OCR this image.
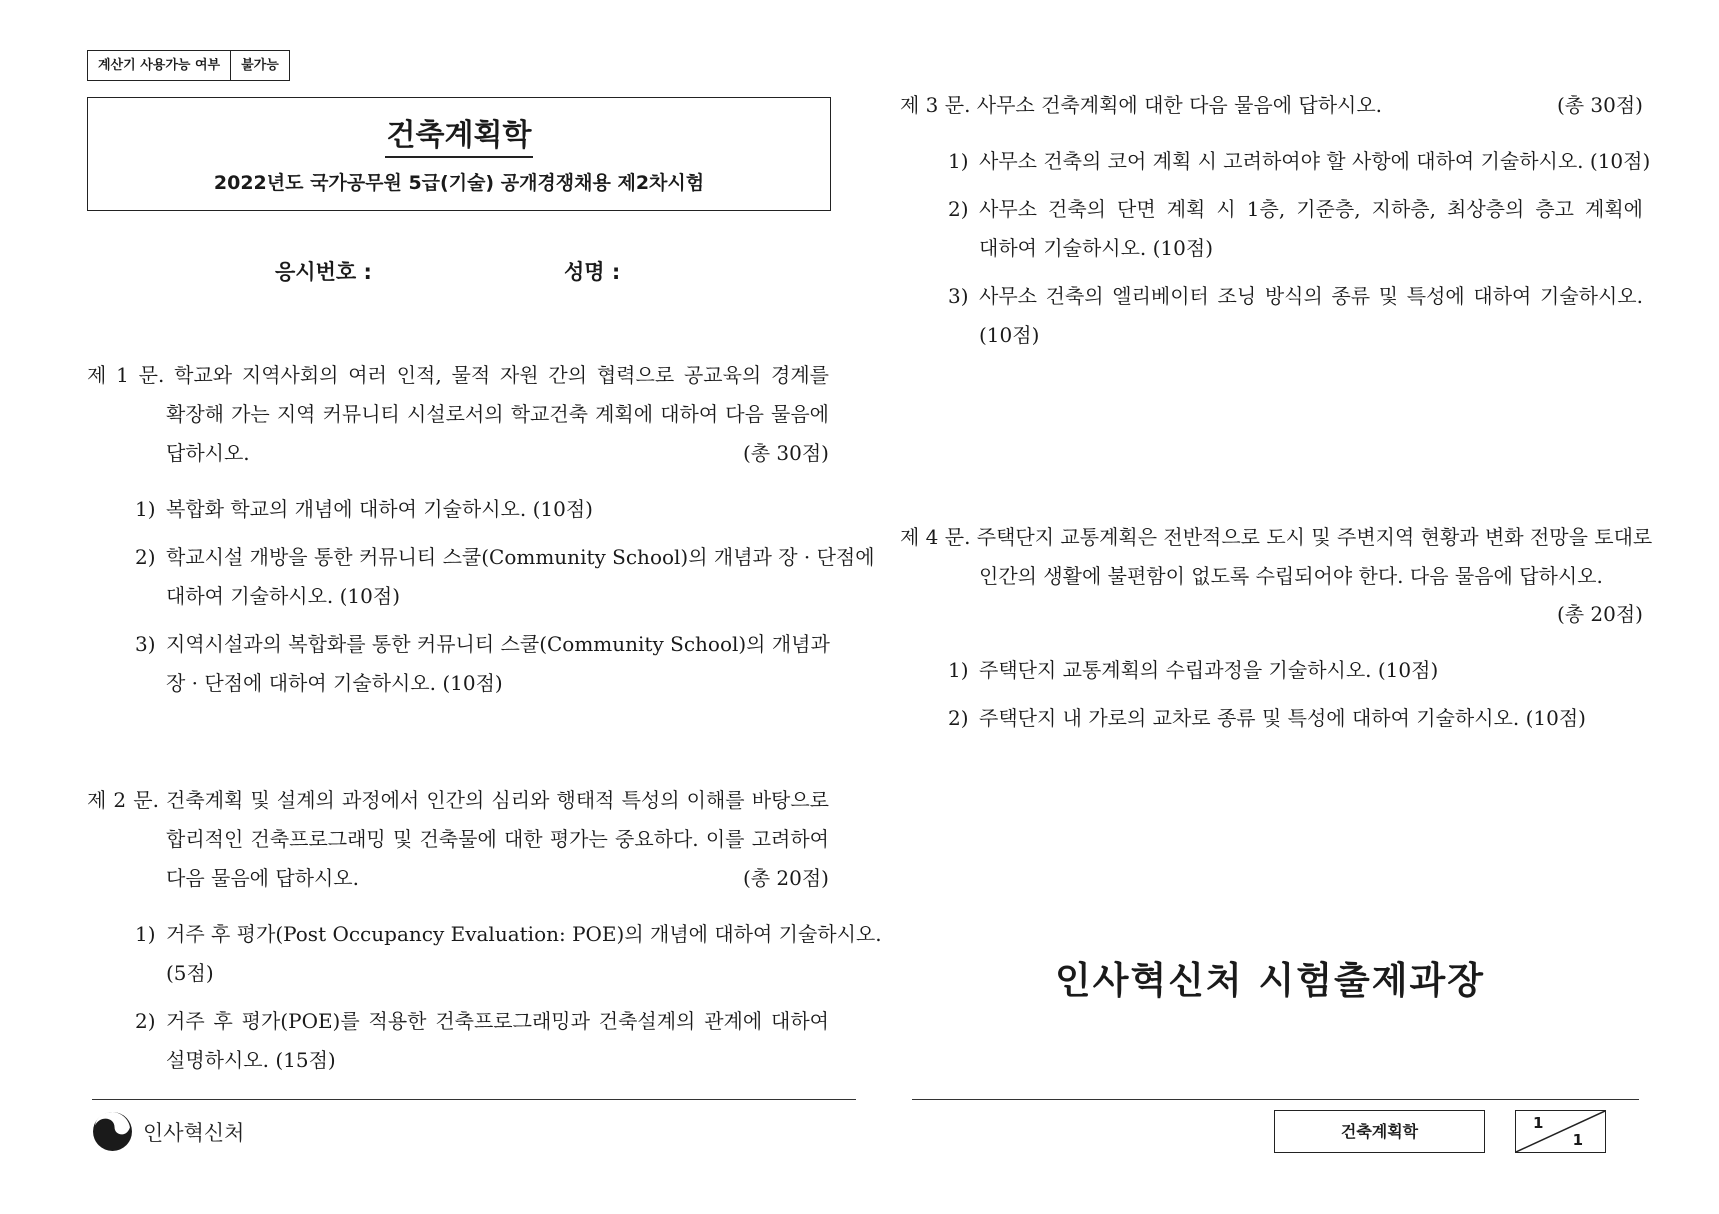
계산기 사용가능 여부	불가능
건축계획학
2022년도 국가공무원 5급(기술) 공개경쟁채용 제2차시험
응시번호 :	성명 :
제 1 문. 학교와 지역사회의 여러 인적, 물적 자원 간의 협력으로 공교육의 경계를
확장해 가는 지역 커뮤니티 시설로서의 학교건축 계획에 대하여 다음 물음에
답하시오.	(총 30점)
1) 복합화 학교의 개념에 대하여 기술하시오. (10점)
2) 학교시설 개방을 통한 커뮤니티 스쿨(Community School)의 개념과 장 · 단점에
대하여 기술하시오. (10점)
3) 지역시설과의 복합화를 통한 커뮤니티 스쿨(Community School)의 개념과
장 · 단점에 대하여 기술하시오. (10점)
제 2 문. 건축계획 및 설계의 과정에서 인간의 심리와 행태적 특성의 이해를 바탕으로
합리적인 건축프로그래밍 및 건축물에 대한 평가는 중요하다. 이를 고려하여
다음 물음에 답하시오.	(총 20점)
1) 거주 후 평가(Post Occupancy Evaluation: POE)의 개념에 대하여 기술하시오.
(5점)
2) 거주 후 평가(POE)를 적용한 건축프로그래밍과 건축설계의 관계에 대하여
설명하시오. (15점)
제 3 문. 사무소 건축계획에 대한 다음 물음에 답하시오.	(총 30점)
1) 사무소 건축의 코어 계획 시 고려하여야 할 사항에 대하여 기술하시오. (10점)
2) 사무소 건축의 단면 계획 시 1층, 기준층, 지하층, 최상층의 층고 계획에
대하여 기술하시오. (10점)
3) 사무소 건축의 엘리베이터 조닝 방식의 종류 및 특성에 대하여 기술하시오.
(10점)
제 4 문. 주택단지 교통계획은 전반적으로 도시 및 주변지역 현황과 변화 전망을 토대로
인간의 생활에 불편함이 없도록 수립되어야 한다. 다음 물음에 답하시오.
(총 20점)
1) 주택단지 교통계획의 수립과정을 기술하시오. (10점)
2) 주택단지 내 가로의 교차로 종류 및 특성에 대하여 기술하시오. (10점)
인사혁신처 시험출제과장
인사혁신처	건축계획학	1
1
